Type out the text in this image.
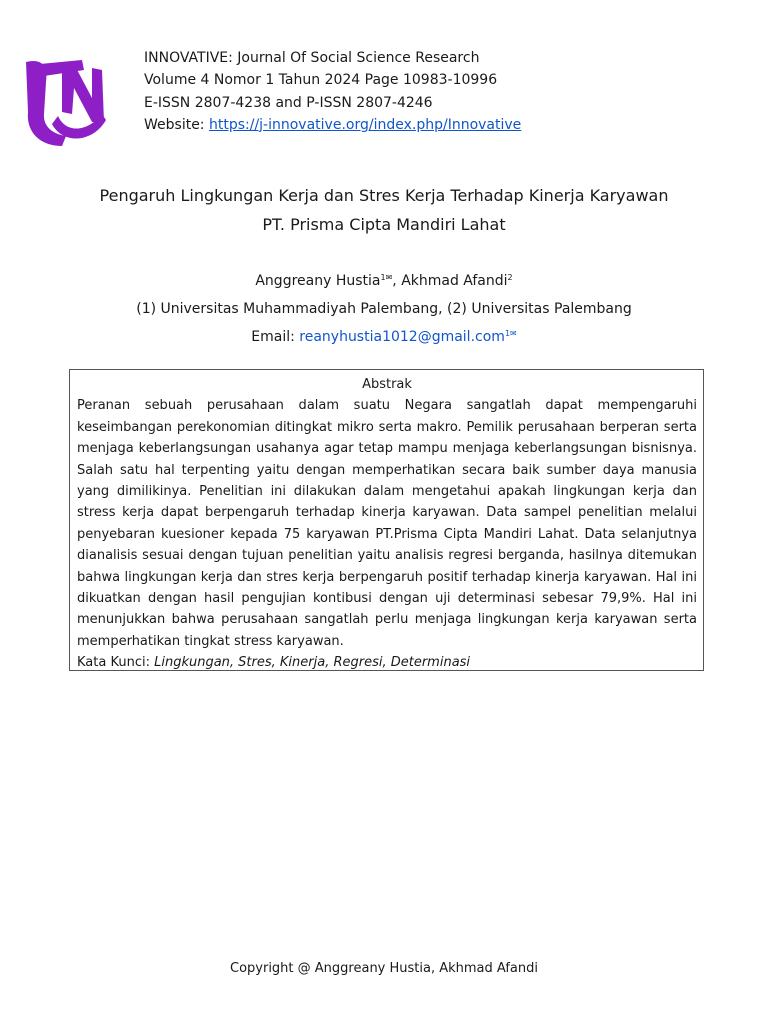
INNOVATIVE: Journal Of Social Science Research
Volume 4 Nomor 1 Tahun 2024 Page 10983-10996
E-ISSN 2807-4238 and P-ISSN 2807-4246
Website: https://j-innovative.org/index.php/Innovative
Pengaruh Lingkungan Kerja dan Stres Kerja Terhadap Kinerja Karyawan
PT. Prisma Cipta Mandiri Lahat
Anggreany Hustia$^{1✉}$, Akhmad Afandi$^2$
(1) Universitas Muhammadiyah Palembang, (2) Universitas Palembang
Email: reanyhustia1012@gmail.com$^{1✉}$
Abstrak

Peranan sebuah perusahaan dalam suatu Negara sangatlah dapat mempengaruhi keseimbangan perekonomian ditingkat mikro serta makro. Pemilik perusahaan berperan serta menjaga keberlangsungan usahanya agar tetap mampu menjaga keberlangsungan bisnisnya. Salah satu hal terpenting yaitu dengan memperhatikan secara baik sumber daya manusia yang dimilikinya. Penelitian ini dilakukan dalam mengetahui apakah lingkungan kerja dan stress kerja dapat berpengaruh terhadap kinerja karyawan. Data sampel penelitian melalui penyebaran kuesioner kepada 75 karyawan PT.Prisma Cipta Mandiri Lahat. Data selanjutnya dianalisis sesuai dengan tujuan penelitian yaitu analisis regresi berganda, hasilnya ditemukan bahwa lingkungan kerja dan stres kerja berpengaruh positif terhadap kinerja karyawan. Hal ini dikuatkan dengan hasil pengujian kontibusi dengan uji determinasi sebesar 79,9%. Hal ini menunjukkan bahwa perusahaan sangatlah perlu menjaga lingkungan kerja karyawan serta memperhatikan tingkat stress karyawan.

Kata Kunci: Lingkungan, Stres, Kinerja, Regresi, Determinasi
Copyright @ Anggreany Hustia, Akhmad Afandi
